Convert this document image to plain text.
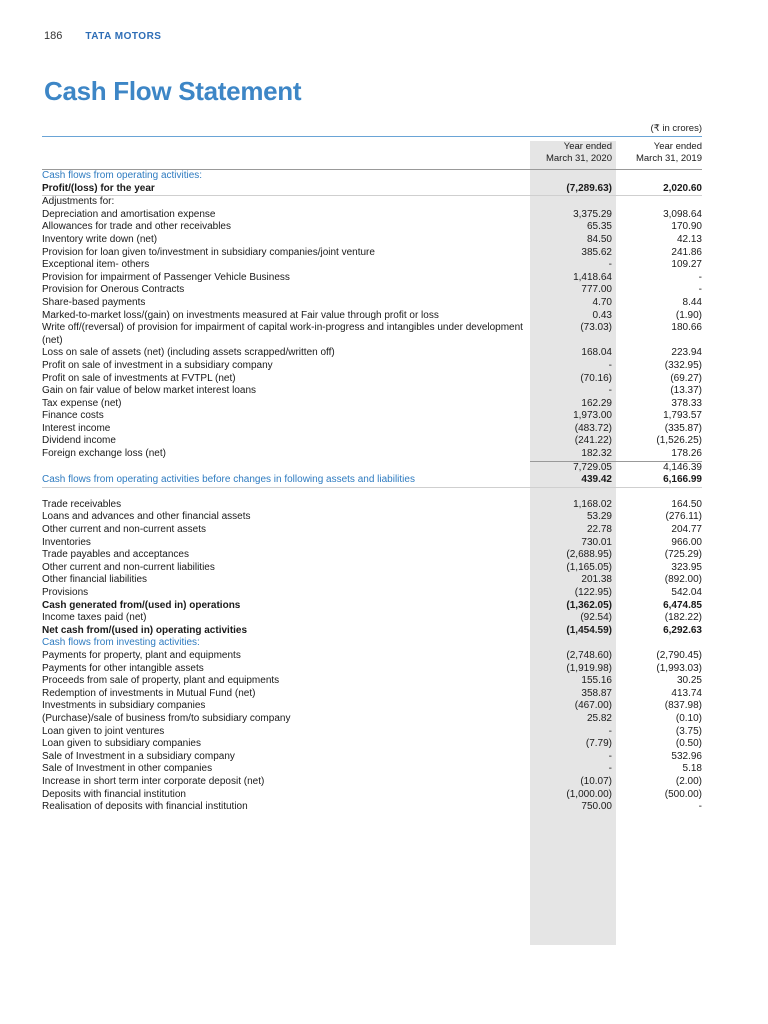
186 TATA MOTORS
Cash Flow Statement
(₹ in crores)
Year ended
March 31, 2020
Year ended
March 31, 2019
Cash flows from operating activities:
Profit/(loss) for the year	(7,289.63)	2,020.60
Adjustments for:
Depreciation and amortisation expense	3,375.29	3,098.64
Allowances for trade and other receivables	65.35	170.90
Inventory write down (net)	84.50	42.13
Provision for loan given to/investment in subsidiary companies/joint venture	385.62	241.86
Exceptional item- others	-	109.27
Provision for impairment of Passenger Vehicle Business	1,418.64	-
Provision for Onerous Contracts	777.00	-
Share-based payments	4.70	8.44
Marked-to-market loss/(gain) on investments measured at Fair value through profit or loss	0.43	(1.90)
Write off/(reversal) of provision for impairment of capital work-in-progress and intangibles under development (net)
(73.03)	180.66
Loss on sale of assets (net) (including assets scrapped/written off)	168.04	223.94
Profit on sale of investment in a subsidiary company	-	(332.95)
Profit on sale of investments at FVTPL (net)	(70.16)	(69.27)
Gain on fair value of below market interest loans	-	(13.37)
Tax expense (net)	162.29	378.33
Finance costs	1,973.00	1,793.57
Interest income	(483.72)	(335.87)
Dividend income	(241.22)	(1,526.25)
Foreign exchange loss (net)	182.32	178.26
7,729.05	4,146.39
Cash flows from operating activities before changes in following assets and liabilities	439.42	6,166.99
Trade receivables	1,168.02	164.50
Loans and advances and other financial assets	53.29	(276.11)
Other current and non-current assets	22.78	204.77
Inventories	730.01	966.00
Trade payables and acceptances	(2,688.95)	(725.29)
Other current and non-current liabilities	(1,165.05)	323.95
Other financial liabilities	201.38	(892.00)
Provisions	(122.95)	542.04
Cash generated from/(used in) operations	(1,362.05)	6,474.85
Income taxes paid (net)	(92.54)	(182.22)
Net cash from/(used in) operating activities	(1,454.59)	6,292.63
Cash flows from investing activities:
Payments for property, plant and equipments	(2,748.60)	(2,790.45)
Payments for other intangible assets	(1,919.98)	(1,993.03)
Proceeds from sale of property, plant and equipments	155.16	30.25
Redemption of investments in Mutual Fund (net)	358.87	413.74
Investments in subsidiary companies	(467.00)	(837.98)
(Purchase)/sale of business from/to subsidiary company	25.82	(0.10)
Loan given to joint ventures	-	(3.75)
Loan given to subsidiary companies	(7.79)	(0.50)
Sale of Investment in a subsidiary company	-	532.96
Sale of Investment in other companies	-	5.18
Increase in short term inter corporate deposit (net)	(10.07)	(2.00)
Deposits with financial institution	(1,000.00)	(500.00)
Realisation of deposits with financial institution	750.00	-
